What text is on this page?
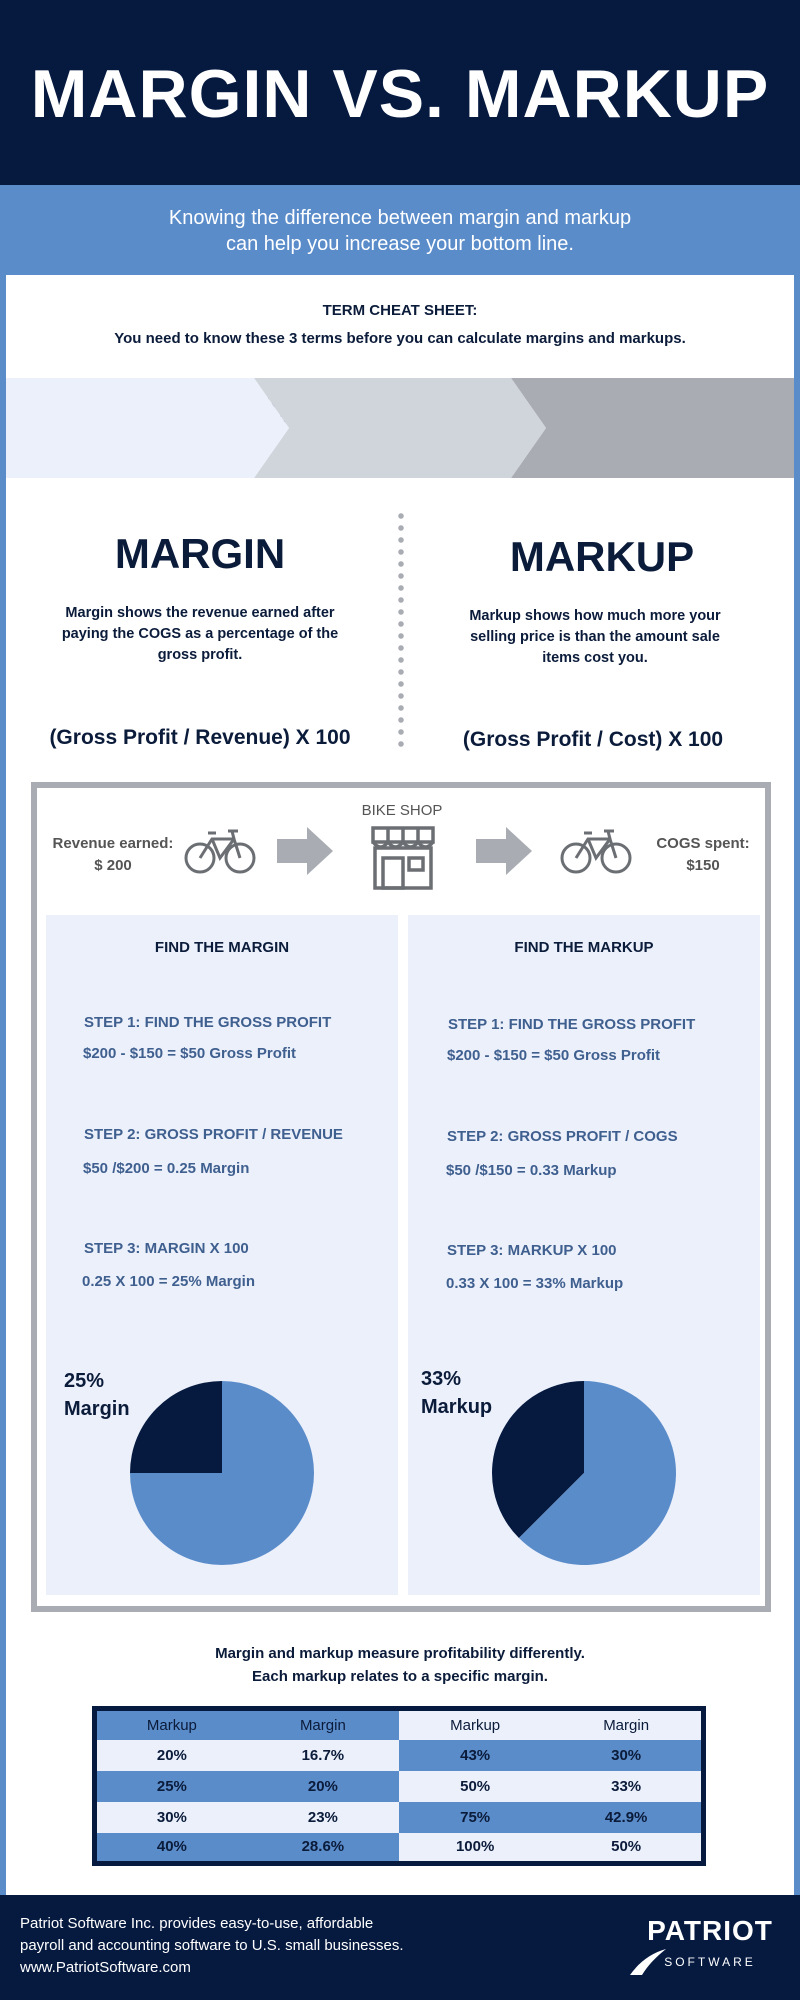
MARGIN VS. MARKUP

Knowing the difference between margin and markup
can help you increase your bottom line.

TERM CHEAT SHEET:
You need to know these 3 terms before you can calculate margins and markups.

MARGIN
Margin shows the revenue earned after paying the COGS as a percentage of the gross profit.
(Gross Profit / Revenue) X 100
MARKUP
Markup shows how much more your selling price is than the amount sale items cost you.
(Gross Profit / Cost) X 100
Revenue earned:
$ 200
BIKE SHOP
COGS spent:
$150
FIND THE MARGIN
STEP 1: FIND THE GROSS PROFIT
$200 - $150 = $50 Gross Profit
STEP 2: GROSS PROFIT / REVENUE
$50 /$200 = 0.25 Margin
STEP 3: MARGIN X 100
0.25 X 100 = 25% Margin
25%
Margin
FIND THE MARKUP
STEP 1: FIND THE GROSS PROFIT
$200 - $150 = $50 Gross Profit
STEP 2: GROSS PROFIT / COGS
$50 /$150 = 0.33 Markup
STEP 3: MARKUP X 100
0.33 X 100 = 33% Markup
33%
Markup
Margin and markup measure profitability differently.
Each markup relates to a specific margin.
Markup	Margin	Markup	Margin
20%	16.7%	43%	30%
25%	20%	50%	33%
30%	23%	75%	42.9%
40%	28.6%	100%	50%
Patriot Software Inc. provides easy-to-use, affordable
payroll and accounting software to U.S. small businesses.
www.PatriotSoftware.com
PATRIOT
SOFTWARE
